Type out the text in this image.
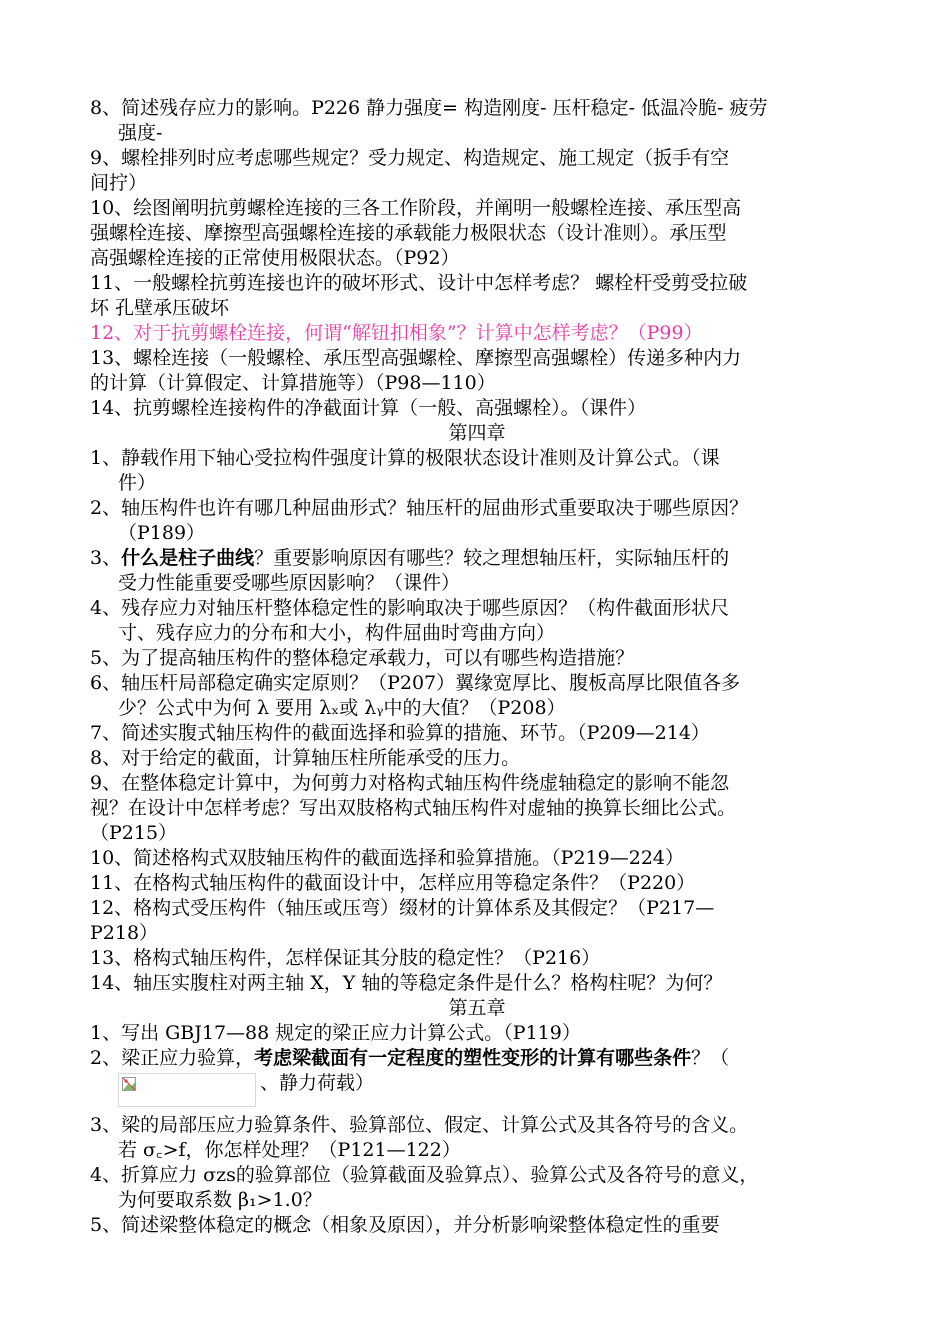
8、简述残存应力的影响。P226 静力强度= 构造刚度- 压杆稳定- 低温冷脆- 疲劳
强度-
9、螺栓排列时应考虑哪些规定？受力规定、构造规定、施工规定（扳手有空
间拧）
10、绘图阐明抗剪螺栓连接的三各工作阶段，并阐明一般螺栓连接、承压型高
强螺栓连接、摩擦型高强螺栓连接的承载能力极限状态（设计准则）。承压型
高强螺栓连接的正常使用极限状态。（P92）
11、一般螺栓抗剪连接也许的破坏形式、设计中怎样考虑？ 螺栓杆受剪受拉破
坏 孔壁承压破坏
12、对于抗剪螺栓连接，何谓“解钮扣相象”？计算中怎样考虑？（P99）
13、螺栓连接（一般螺栓、承压型高强螺栓、摩擦型高强螺栓）传递多种内力
的计算（计算假定、计算措施等）（P98—110）
14、抗剪螺栓连接构件的净截面计算（一般、高强螺栓）。（课件）
第四章
1、静载作用下轴心受拉构件强度计算的极限状态设计准则及计算公式。（课
件）
2、轴压构件也许有哪几种屈曲形式？轴压杆的屈曲形式重要取决于哪些原因？
（P189）
3、什么是柱子曲线？重要影响原因有哪些？较之理想轴压杆，实际轴压杆的
受力性能重要受哪些原因影响？（课件）
4、残存应力对轴压杆整体稳定性的影响取决于哪些原因？（构件截面形状尺
寸、残存应力的分布和大小，构件屈曲时弯曲方向）
5、为了提高轴压构件的整体稳定承载力，可以有哪些构造措施？
6、轴压杆局部稳定确实定原则？（P207）翼缘宽厚比、腹板高厚比限值各多
少？公式中为何 λ 要用 λₓ或 λᵧ中的大值？（P208）
7、简述实腹式轴压构件的截面选择和验算的措施、环节。（P209—214）
8、对于给定的截面，计算轴压柱所能承受的压力。
9、在整体稳定计算中，为何剪力对格构式轴压构件绕虚轴稳定的影响不能忽
视？在设计中怎样考虑？写出双肢格构式轴压构件对虚轴的换算长细比公式。
（P215）
10、简述格构式双肢轴压构件的截面选择和验算措施。（P219—224）
11、在格构式轴压构件的截面设计中，怎样应用等稳定条件？（P220）
12、格构式受压构件（轴压或压弯）缀材的计算体系及其假定？（P217—
P218）
13、格构式轴压构件，怎样保证其分肢的稳定性？（P216）
14、轴压实腹柱对两主轴 X，Y 轴的等稳定条件是什么？格构柱呢？为何？
第五章
1、写出 GBJ17—88 规定的梁正应力计算公式。（P119）
2、梁正应力验算，考虑梁截面有一定程度的塑性变形的计算有哪些条件？（
、静力荷载）
3、梁的局部压应力验算条件、验算部位、假定、计算公式及其各符号的含义。
若 σ꜀>f，你怎样处理？（P121—122）
4、折算应力 σzs的验算部位（验算截面及验算点）、验算公式及各符号的意义，
为何要取系数 β₁>1.0？
5、简述梁整体稳定的概念（相象及原因），并分析影响梁整体稳定性的重要
